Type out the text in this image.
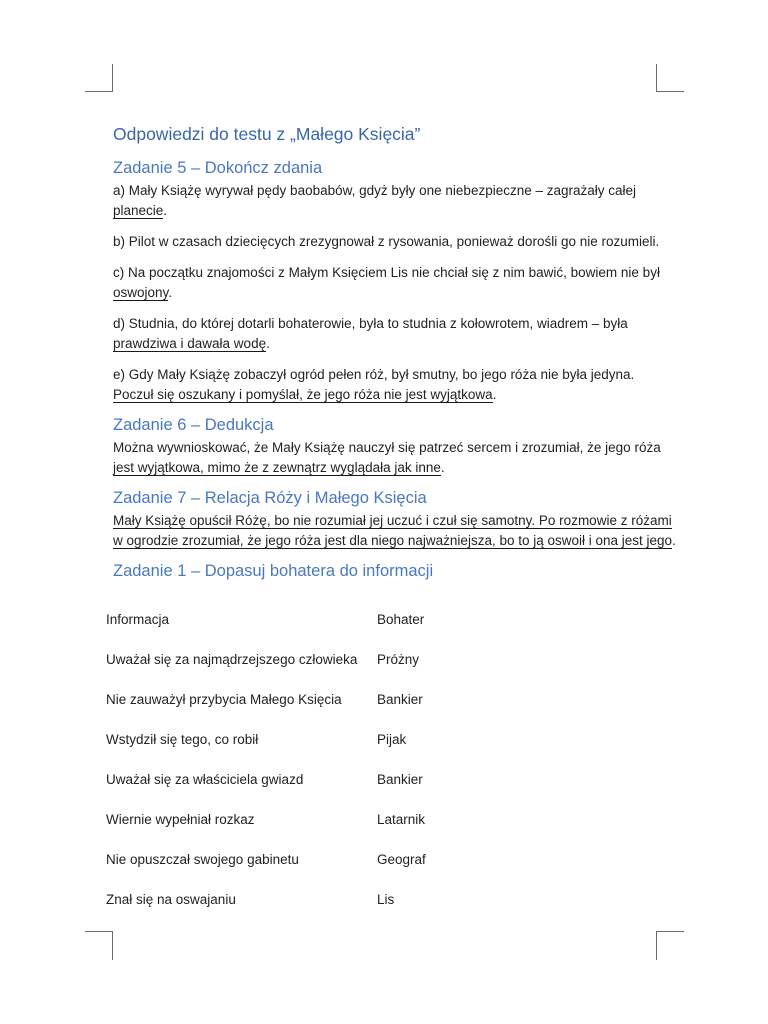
Odpowiedzi do testu z „Małego Księcia”
Zadanie 5 – Dokończ zdania

a) Mały Książę wyrywał pędy baobabów, gdyż były one niebezpieczne – zagrażały całej planecie.

b) Pilot w czasach dziecięcych zrezygnował z rysowania, ponieważ dorośli go nie rozumieli.

c) Na początku znajomości z Małym Księciem Lis nie chciał się z nim bawić, bowiem nie był oswojony.

d) Studnia, do której dotarli bohaterowie, była to studnia z kołowrotem, wiadrem – była prawdziwa i dawała wodę.

e) Gdy Mały Książę zobaczył ogród pełen róż, był smutny, bo jego róża nie była jedyna. Poczuł się oszukany i pomyślał, że jego róża nie jest wyjątkowa.

Zadanie 6 – Dedukcja

Można wywnioskować, że Mały Książę nauczył się patrzeć sercem i zrozumiał, że jego róża jest wyjątkowa, mimo że z zewnątrz wyglądała jak inne.

Zadanie 7 – Relacja Róży i Małego Księcia

Mały Książę opuścił Różę, bo nie rozumiał jej uczuć i czuł się samotny. Po rozmowie z różami w ogrodzie zrozumiał, że jego róża jest dla niego najważniejsza, bo to ją oswoił i ona jest jego.

Zadanie 1 – Dopasuj bohatera do informacji
Informacja	Bohater
Uważał się za najmądrzejszego człowieka	Próżny
Nie zauważył przybycia Małego Księcia	Bankier
Wstydził się tego, co robił	Pijak
Uważał się za właściciela gwiazd	Bankier
Wiernie wypełniał rozkaz	Latarnik
Nie opuszczał swojego gabinetu	Geograf
Znał się na oswajaniu	Lis
